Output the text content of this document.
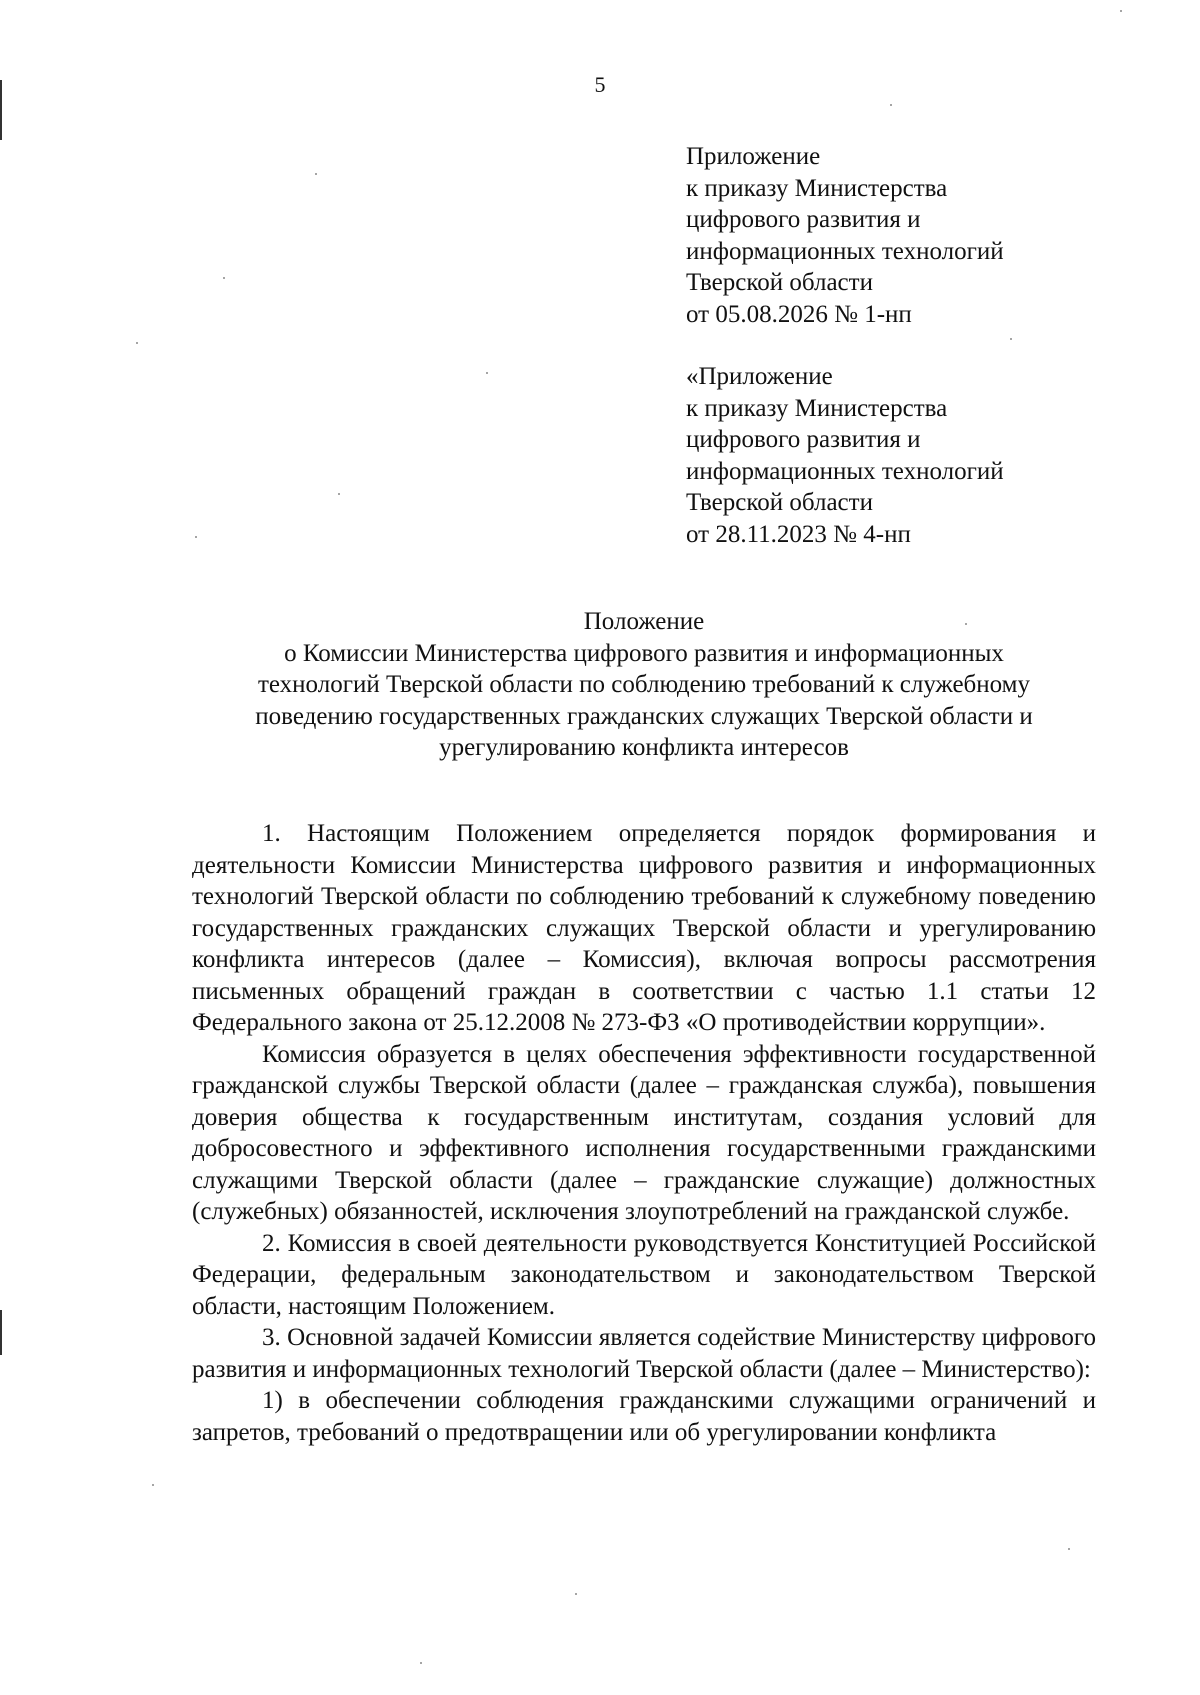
5
Приложение
к приказу Министерства
цифрового развития и
информационных технологий
Тверской области
от 05.08.2026 № 1-нп
«Приложение
к приказу Министерства
цифрового развития и
информационных технологий
Тверской области
от 28.11.2023 № 4-нп
Положение
о Комиссии Министерства цифрового развития и информационных
технологий Тверской области по соблюдению требований к служебному
поведению государственных гражданских служащих Тверской области и
урегулированию конфликта интересов

1. Настоящим Положением определяется порядок формирования и деятельности Комиссии Министерства цифрового развития и информационных технологий Тверской области по соблюдению требований к служебному поведению государственных гражданских служащих Тверской области и урегулированию конфликта интересов (далее – Комиссия), включая вопросы рассмотрения письменных обращений граждан в соответствии с частью 1.1 статьи 12 Федерального закона от 25.12.2008 № 273-ФЗ «О противодействии коррупции».

Комиссия образуется в целях обеспечения эффективности государственной гражданской службы Тверской области (далее – гражданская служба), повышения доверия общества к государственным институтам, создания условий для добросовестного и эффективного исполнения государственными гражданскими служащими Тверской области (далее – гражданские служащие) должностных (служебных) обязанностей, исключения злоупотреблений на гражданской службе.

2. Комиссия в своей деятельности руководствуется Конституцией Российской Федерации, федеральным законодательством и законодательством Тверской области, настоящим Положением.

3. Основной задачей Комиссии является содействие Министерству цифрового развития и информационных технологий Тверской области (далее – Министерство):

1) в обеспечении соблюдения гражданскими служащими ограничений и запретов, требований о предотвращении или об урегулировании конфликта
